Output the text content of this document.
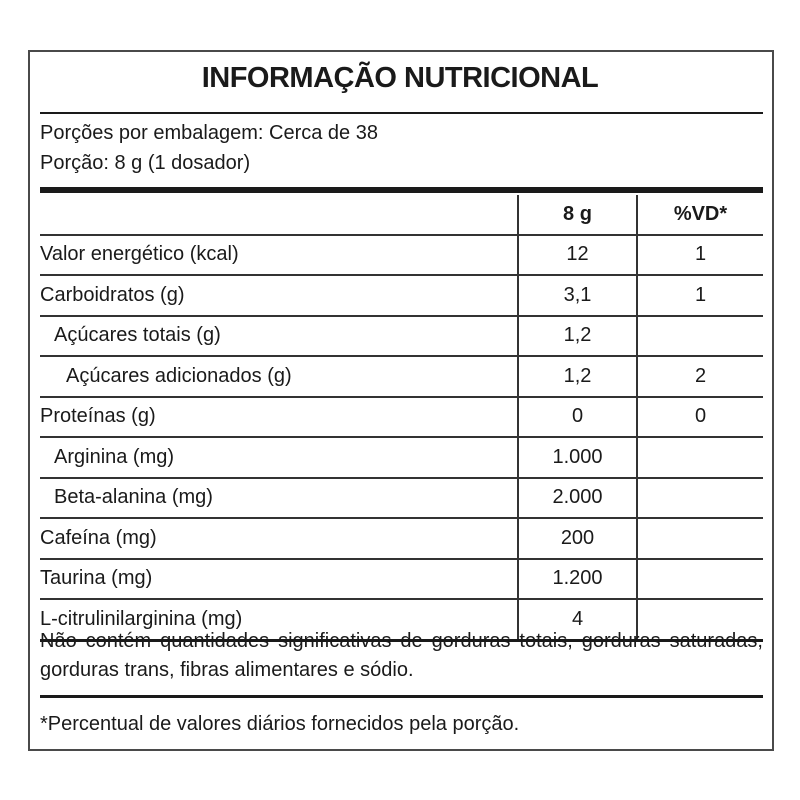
INFORMAÇÃO NUTRICIONAL
Porções por embalagem: Cerca de 38
Porção: 8 g (1 dosador)
	8 g	%VD*
Valor energético (kcal)	12	1
Carboidratos (g)	3,1	1
Açúcares totais (g)	1,2	
Açúcares adicionados (g)	1,2	2
Proteínas (g)	0	0
Arginina (mg)	1.000	
Beta-alanina (mg)	2.000	
Cafeína (mg)	200	
Taurina (mg)	1.200	
L-citrulinilarginina (mg)	4	
Não contém quantidades significativas de gorduras totais, gorduras saturadas, gorduras trans, fibras alimentares e sódio.
*Percentual de valores diários fornecidos pela porção.
